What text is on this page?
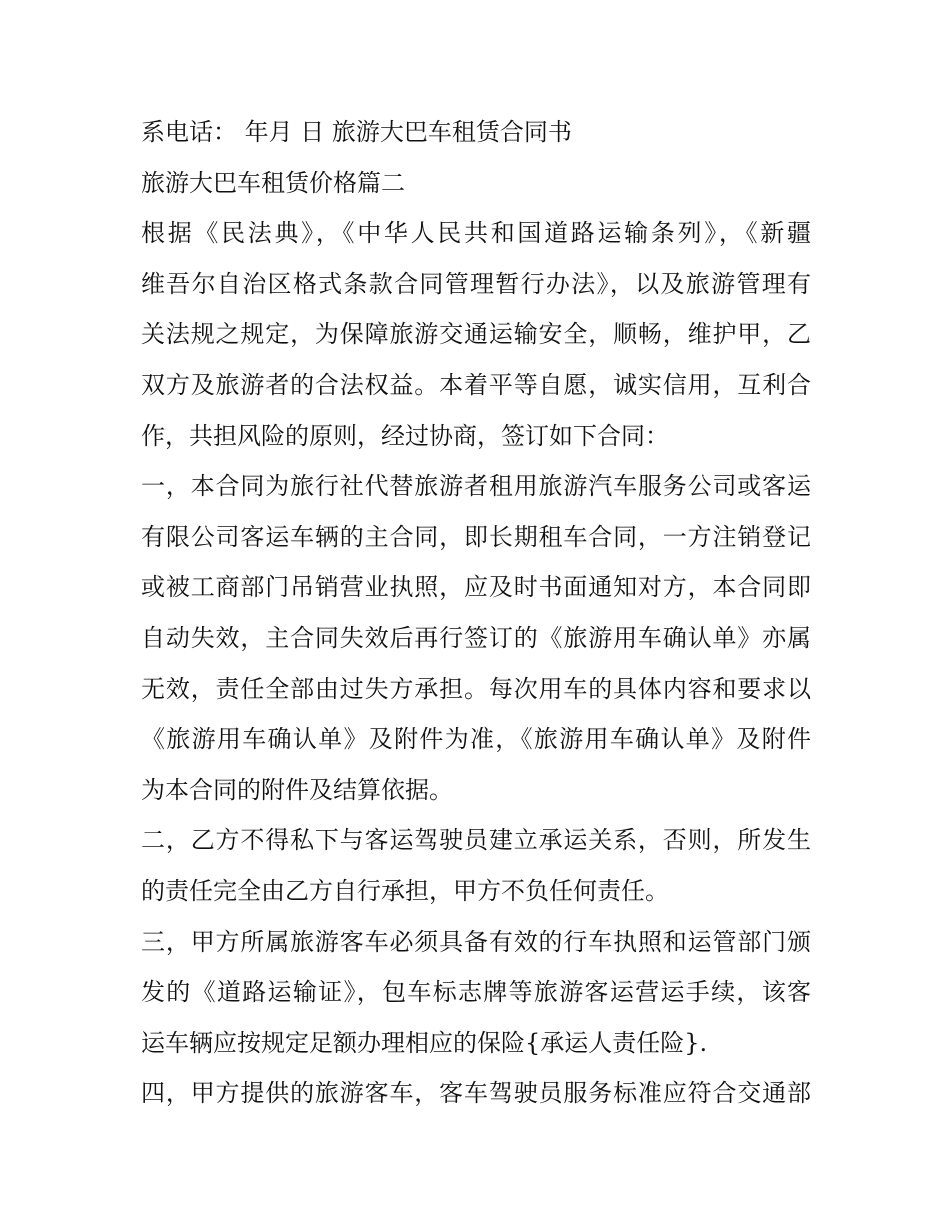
系电话： 年月 日 旅游大巴车租赁合同书
旅游大巴车租赁价格篇二
根据《民法典》，《中华人民共和国道路运输条列》，《新疆
维吾尔自治区格式条款合同管理暂行办法》，以及旅游管理有
关法规之规定，为保障旅游交通运输安全，顺畅，维护甲，乙
双方及旅游者的合法权益。本着平等自愿，诚实信用，互利合
作，共担风险的原则，经过协商，签订如下合同：
一，本合同为旅行社代替旅游者租用旅游汽车服务公司或客运
有限公司客运车辆的主合同，即长期租车合同，一方注销登记
或被工商部门吊销营业执照，应及时书面通知对方，本合同即
自动失效，主合同失效后再行签订的《旅游用车确认单》亦属
无效，责任全部由过失方承担。每次用车的具体内容和要求以
《旅游用车确认单》及附件为准，《旅游用车确认单》及附件
为本合同的附件及结算依据。
二，乙方不得私下与客运驾驶员建立承运关系，否则，所发生
的责任完全由乙方自行承担，甲方不负任何责任。
三，甲方所属旅游客车必须具备有效的行车执照和运管部门颁
发的《道路运输证》，包车标志牌等旅游客运营运手续，该客
运车辆应按规定足额办理相应的保险{承运人责任险}.
四，甲方提供的旅游客车，客车驾驶员服务标准应符合交通部
